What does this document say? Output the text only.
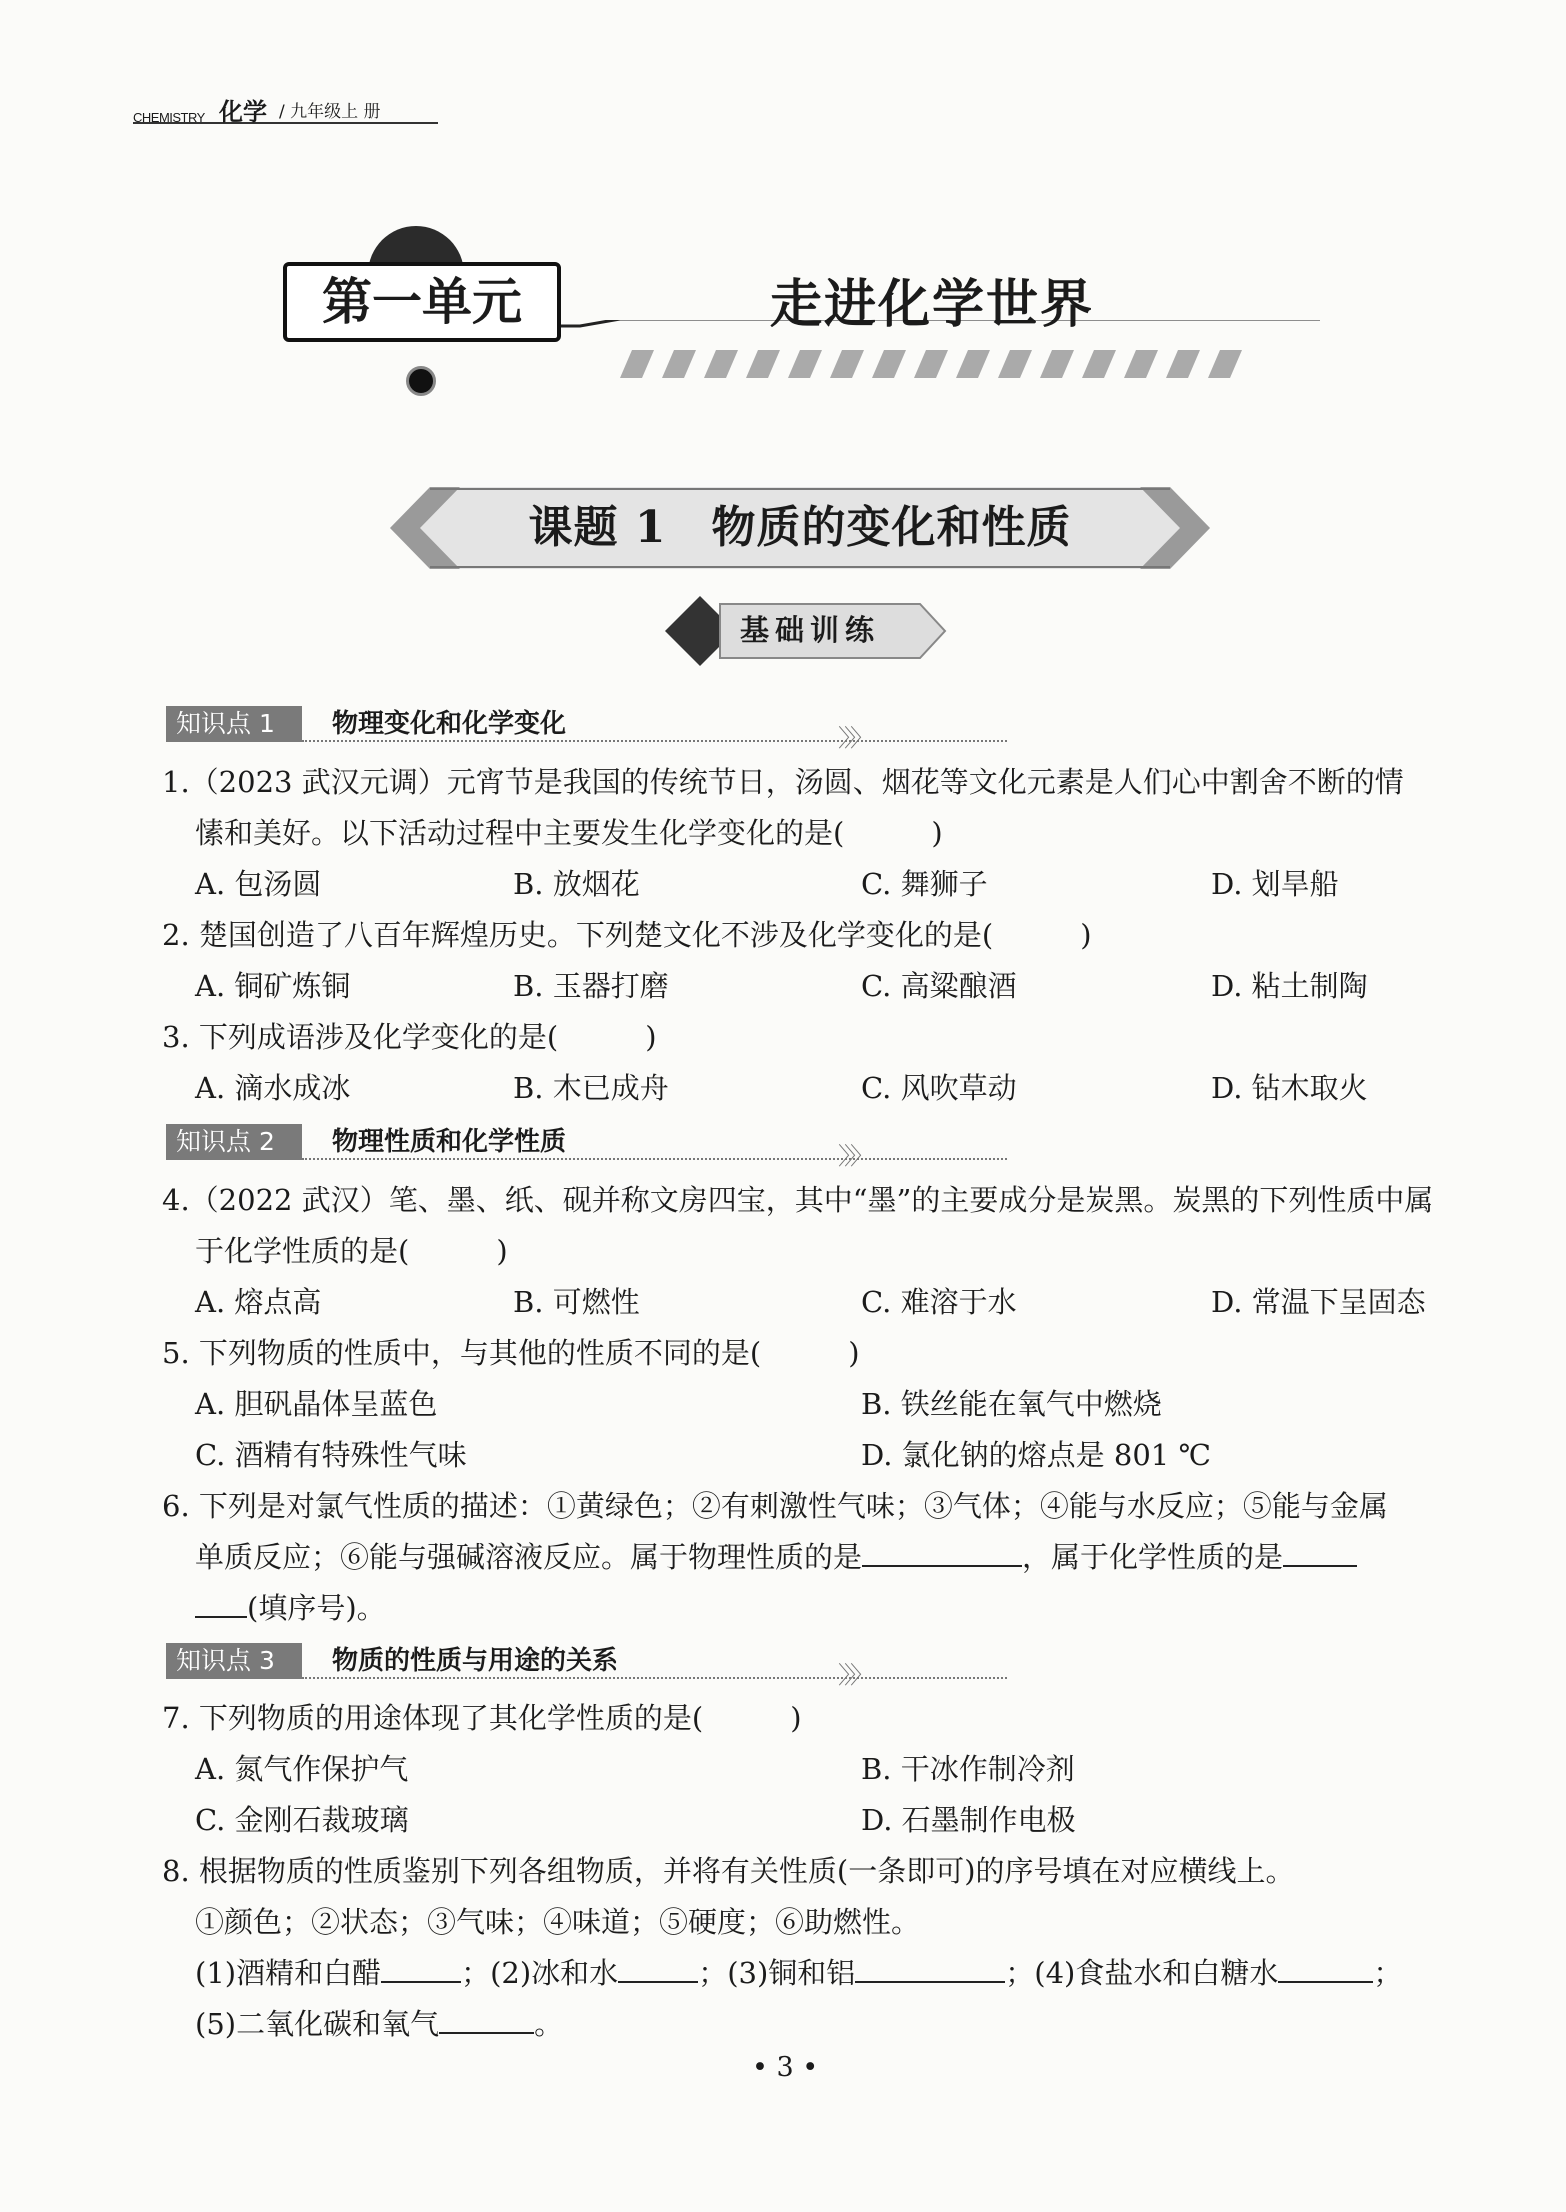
CHEMISTRY 化学 / 九年级上 册
第一单元	走进化学世界
课题 1　物质的变化和性质
基础训练
知识点 1	物理变化和化学变化	〉〉〉
1.（2023 武汉元调）元宵节是我国的传统节日，汤圆、烟花等文化元素是人们心中割舍不断的情
愫和美好。以下活动过程中主要发生化学变化的是(　　　)
A. 包汤圆	B. 放烟花	C. 舞狮子	D. 划旱船
2. 楚国创造了八百年辉煌历史。下列楚文化不涉及化学变化的是(　　　)
A. 铜矿炼铜	B. 玉器打磨	C. 高粱酿酒	D. 粘土制陶
3. 下列成语涉及化学变化的是(　　　)
A. 滴水成冰	B. 木已成舟	C. 风吹草动	D. 钻木取火
知识点 2	物理性质和化学性质	〉〉〉
4.（2022 武汉）笔、墨、纸、砚并称文房四宝，其中“墨”的主要成分是炭黑。炭黑的下列性质中属
于化学性质的是(　　　)
A. 熔点高	B. 可燃性	C. 难溶于水	D. 常温下呈固态
5. 下列物质的性质中，与其他的性质不同的是(　　　)
A. 胆矾晶体呈蓝色	B. 铁丝能在氧气中燃烧
C. 酒精有特殊性气味	D. 氯化钠的熔点是 801 ℃
6. 下列是对氯气性质的描述：①黄绿色；②有刺激性气味；③气体；④能与水反应；⑤能与金属
单质反应；⑥能与强碱溶液反应。属于物理性质的是	，属于化学性质的是
(填序号)。
知识点 3	物质的性质与用途的关系	〉〉〉
7. 下列物质的用途体现了其化学性质的是(　　　)
A. 氮气作保护气	B. 干冰作制冷剂
C. 金刚石裁玻璃	D. 石墨制作电极
8. 根据物质的性质鉴别下列各组物质，并将有关性质(一条即可)的序号填在对应横线上。
①颜色；②状态；③气味；④味道；⑤硬度；⑥助燃性。
(1)酒精和白醋	；(2)冰和水	；(3)铜和铝	；(4)食盐水和白糖水	；
(5)二氧化碳和氧气	。
• 3 •
